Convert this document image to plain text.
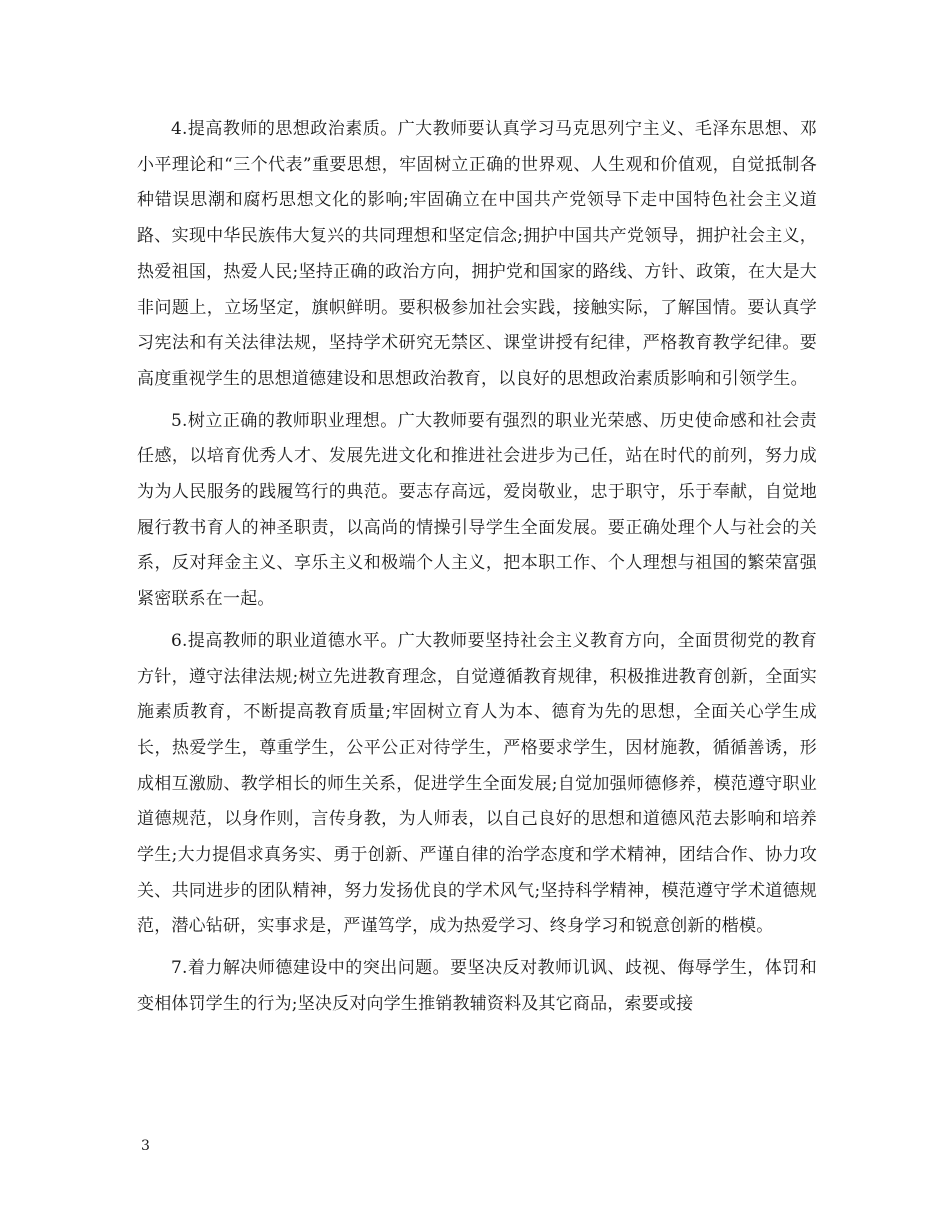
4.提高教师的思想政治素质。广大教师要认真学习马克思列宁主义、毛泽东思想、邓小平理论和“三个代表”重要思想，牢固树立正确的世界观、人生观和价值观，自觉抵制各种错误思潮和腐朽思想文化的影响;牢固确立在中国共产党领导下走中国特色社会主义道路、实现中华民族伟大复兴的共同理想和坚定信念;拥护中国共产党领导，拥护社会主义，热爱祖国，热爱人民;坚持正确的政治方向，拥护党和国家的路线、方针、政策，在大是大非问题上，立场坚定，旗帜鲜明。要积极参加社会实践，接触实际，了解国情。要认真学习宪法和有关法律法规，坚持学术研究无禁区、课堂讲授有纪律，严格教育教学纪律。要高度重视学生的思想道德建设和思想政治教育，以良好的思想政治素质影响和引领学生。

5.树立正确的教师职业理想。广大教师要有强烈的职业光荣感、历史使命感和社会责任感，以培育优秀人才、发展先进文化和推进社会进步为己任，站在时代的前列，努力成为为人民服务的践履笃行的典范。要志存高远，爱岗敬业，忠于职守，乐于奉献，自觉地履行教书育人的神圣职责，以高尚的情操引导学生全面发展。要正确处理个人与社会的关系，反对拜金主义、享乐主义和极端个人主义，把本职工作、个人理想与祖国的繁荣富强紧密联系在一起。

6.提高教师的职业道德水平。广大教师要坚持社会主义教育方向，全面贯彻党的教育方针，遵守法律法规;树立先进教育理念，自觉遵循教育规律，积极推进教育创新，全面实施素质教育，不断提高教育质量;牢固树立育人为本、德育为先的思想，全面关心学生成长，热爱学生，尊重学生，公平公正对待学生，严格要求学生，因材施教，循循善诱，形成相互激励、教学相长的师生关系，促进学生全面发展;自觉加强师德修养，模范遵守职业道德规范，以身作则，言传身教，为人师表，以自己良好的思想和道德风范去影响和培养学生;大力提倡求真务实、勇于创新、严谨自律的治学态度和学术精神，团结合作、协力攻关、共同进步的团队精神，努力发扬优良的学术风气;坚持科学精神，模范遵守学术道德规范，潜心钻研，实事求是，严谨笃学，成为热爱学习、终身学习和锐意创新的楷模。

7.着力解决师德建设中的突出问题。要坚决反对教师讥讽、歧视、侮辱学生，体罚和变相体罚学生的行为;坚决反对向学生推销教辅资料及其它商品，索要或接

3
